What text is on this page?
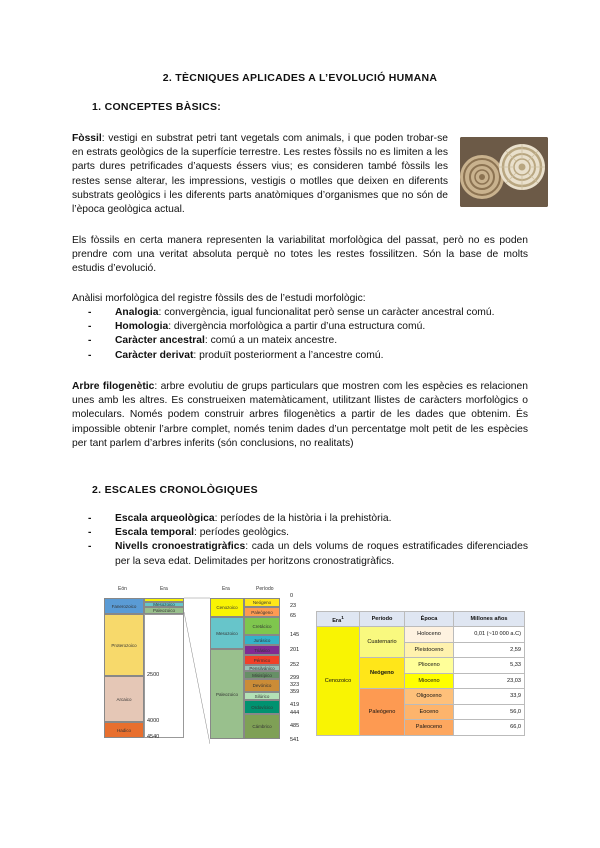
2. TÈCNIQUES APLICADES A L’EVOLUCIÓ HUMANA
1. CONCEPTES BÀSICS:
Fòssil: vestigi en substrat petri tant vegetals com animals, i que poden trobar-se en estrats geològics de la superfície terrestre. Les restes fòssils no es limiten a les parts dures petrificades d’aquests éssers vius; es consideren també fòssils les restes sense alterar, les impressions, vestigis o motlles que deixen en diferents substrats geològics i les diferents parts anatòmiques d’organismes que no són de l’època geològica actual.
Els fòssils en certa manera representen la variabilitat morfològica del passat, però no es poden prendre com una veritat absoluta perquè no totes les restes fossilitzen. Són la base de molts estudis d’evolució.
Anàlisi morfològica del registre fòssils des de l’estudi morfològic:
- Analogia: convergència, igual funcionalitat però sense un caràcter ancestral comú.
- Homologia: divergència morfològica a partir d’una estructura comú.
- Caràcter ancestral: comú a un mateix ancestre.
- Caràcter derivat: produït posteriorment a l’ancestre comú.
Arbre filogenètic: arbre evolutiu de grups particulars que mostren com les espècies es relacionen unes amb les altres. Es construeixen matemàticament, utilitzant llistes de caràcters morfològics o moleculars. Només podem construir arbres filogenètics a partir de les dades que obtenim. És impossible obtenir l’arbre complet, només tenim dades d’un percentatge molt petit de les espècies per tant parlem d’arbres inferits (són conclusions, no realitats)
2. ESCALES CRONOLÒGIQUES
- Escala arqueològica: períodes de la història i la prehistòria.
- Escala temporal: períodes geològics.
- Nivells cronoestratigràfics: cada un dels volums de roques estratificades diferenciades per la seva edat. Delimitades per horitzons cronostratigràfics.
Eón	Era
Fanerozoico	Mesozoico
Paleozoico
Proterozoico
Arcaico
Hadico
2500
4000
4540
Era	Período
Cenozoico
Mesozoico
Paleozoico
Neógeno
Paleógeno
Cretácico
Jurásico
Triásico
Pérmico
Pensilvánico
Misisípico
Devónico
Silúrico
Ordovícico
Cámbrico
0
23
65
145
201
252
299
323
359
419
444
485
541
Era$^1$	Período	Época	Millones años
Cenozoico	Cuaternario	Holoceno	0,01 (~10 000 a.C)
		Pleistoceno	2,59
	Neógeno	Plioceno	5,33
		Mioceno	23,03
	Paleógeno	Oligoceno	33,9
		Eoceno	56,0
		Paleoceno	66,0
